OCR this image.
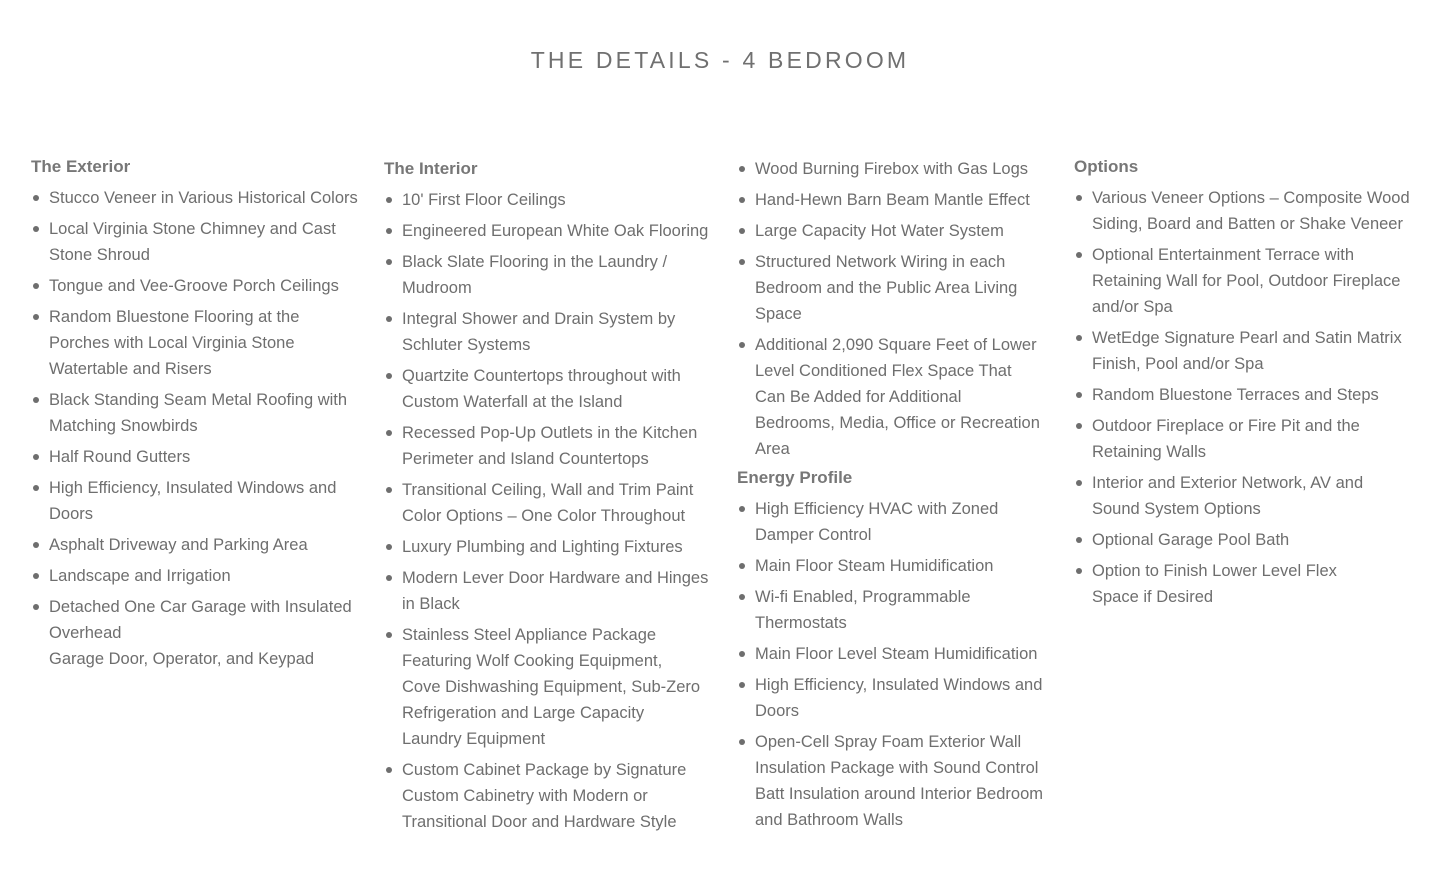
THE DETAILS - 4 BEDROOM
The Exterior
Stucco Veneer in Various Historical Colors
Local Virginia Stone Chimney and Cast Stone Shroud
Tongue and Vee-Groove Porch Ceilings
Random Bluestone Flooring at the Porches with Local Virginia Stone Watertable and Risers
Black Standing Seam Metal Roofing with Matching Snowbirds
Half Round Gutters
High Efficiency, Insulated Windows and Doors
Asphalt Driveway and Parking Area
Landscape and Irrigation
Detached One Car Garage with Insulated Overhead
Garage Door, Operator, and Keypad
The Interior
10' First Floor Ceilings
Engineered European White Oak Flooring
Black Slate Flooring in the Laundry / Mudroom
Integral Shower and Drain System by Schluter Systems
Quartzite Countertops throughout with Custom Waterfall at the Island
Recessed Pop-Up Outlets in the Kitchen Perimeter and Island Countertops
Transitional Ceiling, Wall and Trim Paint Color Options – One Color Throughout
Luxury Plumbing and Lighting Fixtures
Modern Lever Door Hardware and Hinges in Black
Stainless Steel Appliance Package Featuring Wolf Cooking Equipment, Cove Dishwashing Equipment, Sub-Zero Refrigeration and Large Capacity Laundry Equipment
Custom Cabinet Package by Signature Custom Cabinetry with Modern or Transitional Door and Hardware Style
Wood Burning Firebox with Gas Logs
Hand-Hewn Barn Beam Mantle Effect
Large Capacity Hot Water System
Structured Network Wiring in each Bedroom and the Public Area Living Space
Additional 2,090 Square Feet of Lower Level Conditioned Flex Space That Can Be Added for Additional Bedrooms, Media, Office or Recreation Area
Energy Profile
High Efficiency HVAC with Zoned Damper Control
Main Floor Steam Humidification
Wi-fi Enabled, Programmable Thermostats
Main Floor Level Steam Humidification
High Efficiency, Insulated Windows and Doors
Open-Cell Spray Foam Exterior Wall Insulation Package with Sound Control Batt Insulation around Interior Bedroom and Bathroom Walls
Options
Various Veneer Options – Composite Wood Siding, Board and Batten or Shake Veneer
Optional Entertainment Terrace with Retaining Wall for Pool, Outdoor Fireplace and/or Spa
WetEdge Signature Pearl and Satin Matrix Finish, Pool and/or Spa
Random Bluestone Terraces and Steps
Outdoor Fireplace or Fire Pit and the Retaining Walls
Interior and Exterior Network, AV and Sound System Options
Optional Garage Pool Bath
Option to Finish Lower Level Flex Space if Desired
